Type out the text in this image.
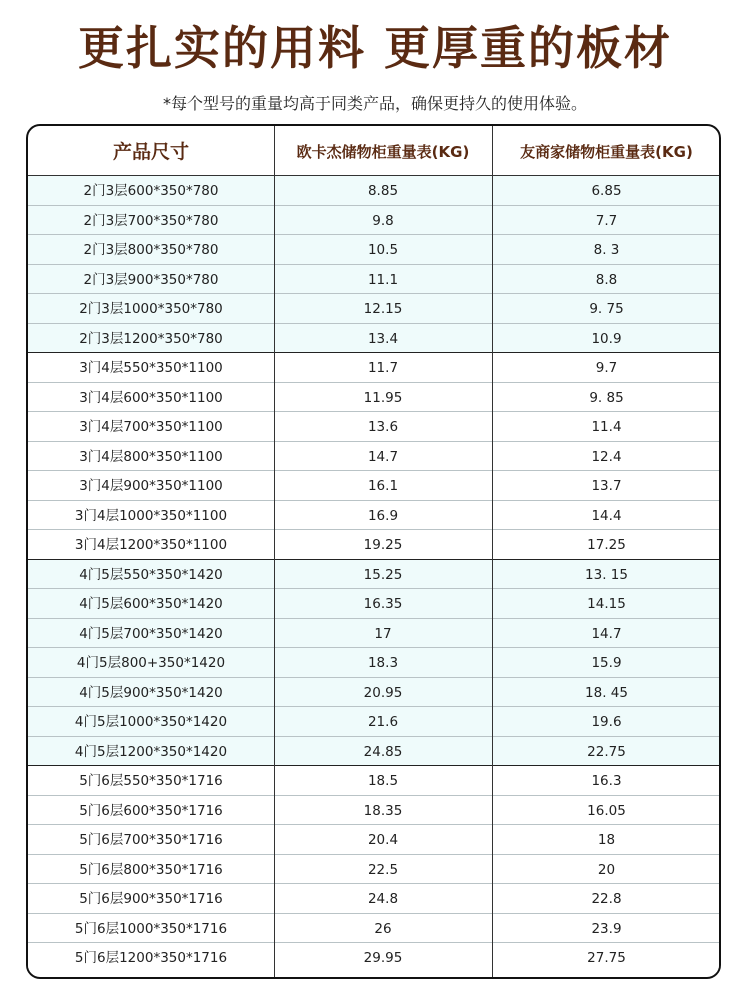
更扎实的用料 更厚重的板材
*每个型号的重量均高于同类产品，确保更持久的使用体验。
产品尺寸	欧卡杰储物柜重量表(KG)	友商家储物柜重量表(KG)
2门3层600*350*780	8.85	6.85
2门3层700*350*780	9.8	7.7
2门3层800*350*780	10.5	8. 3
2门3层900*350*780	11.1	8.8
2门3层1000*350*780	12.15	9. 75
2门3层1200*350*780	13.4	10.9
3门4层550*350*1100	11.7	9.7
3门4层600*350*1100	11.95	9. 85
3门4层700*350*1100	13.6	11.4
3门4层800*350*1100	14.7	12.4
3门4层900*350*1100	16.1	13.7
3门4层1000*350*1100	16.9	14.4
3门4层1200*350*1100	19.25	17.25
4门5层550*350*1420	15.25	13. 15
4门5层600*350*1420	16.35	14.15
4门5层700*350*1420	17	14.7
4门5层800+350*1420	18.3	15.9
4门5层900*350*1420	20.95	18. 45
4门5层1000*350*1420	21.6	19.6
4门5层1200*350*1420	24.85	22.75
5门6层550*350*1716	18.5	16.3
5门6层600*350*1716	18.35	16.05
5门6层700*350*1716	20.4	18
5门6层800*350*1716	22.5	20
5门6层900*350*1716	24.8	22.8
5门6层1000*350*1716	26	23.9
5门6层1200*350*1716	29.95	27.75
